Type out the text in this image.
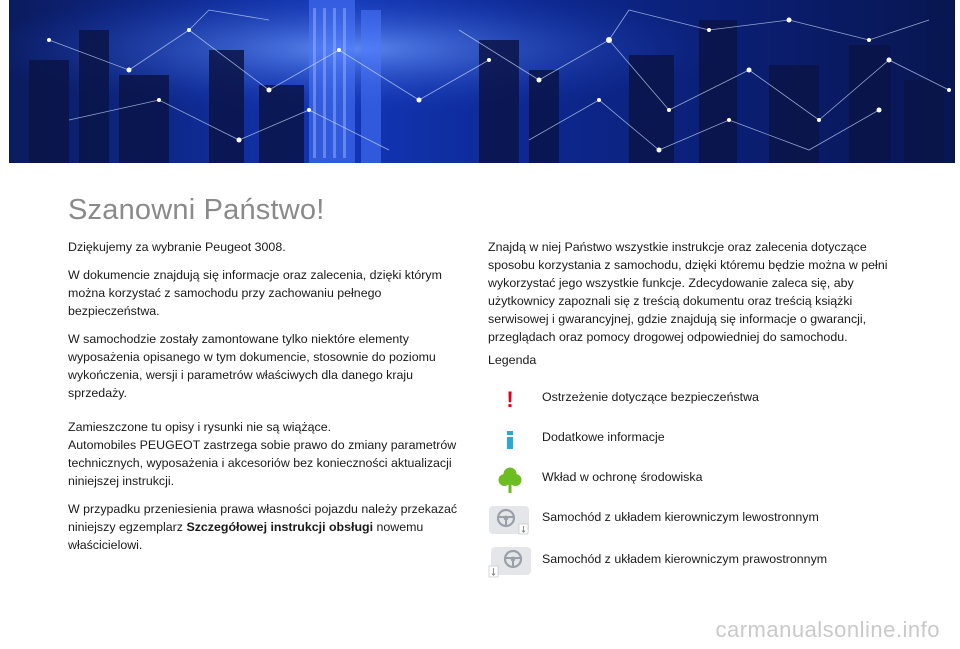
Szanowni Państwo!

Dziękujemy za wybranie Peugeot 3008.

W dokumencie znajdują się informacje oraz zalecenia, dzięki którym można korzystać z samochodu przy zachowaniu pełnego bezpieczeństwa.

W samochodzie zostały zamontowane tylko niektóre elementy wyposażenia opisanego w tym dokumencie, stosownie do poziomu wykończenia, wersji i parametrów właściwych dla danego kraju sprzedaży.

Zamieszczone tu opisy i rysunki nie są wiążące.

Automobiles PEUGEOT zastrzega sobie prawo do zmiany parametrów technicznych, wyposażenia i akcesoriów bez konieczności aktualizacji niniejszej instrukcji.

W przypadku przeniesienia prawa własności pojazdu należy przekazać niniejszy egzemplarz Szczegółowej instrukcji obsługi nowemu właścicielowi.

Znajdą w niej Państwo wszystkie instrukcje oraz zalecenia dotyczące sposobu korzystania z samochodu, dzięki któremu będzie można w pełni wykorzystać jego wszystkie funkcje. Zdecydowanie zaleca się, aby użytkownicy zapoznali się z treścią dokumentu oraz treścią książki serwisowej i gwarancyjnej, gdzie znajdują się informacje o gwarancji, przeglądach oraz pomocy drogowej odpowiedniej do samochodu.

Legenda
! Ostrzeżenie dotyczące bezpieczeństwa
Dodatkowe informacje
Wkład w ochronę środowiska
Samochód z układem kierowniczym lewostronnym
Samochód z układem kierowniczym prawostronnym
carmanualsonline.info
